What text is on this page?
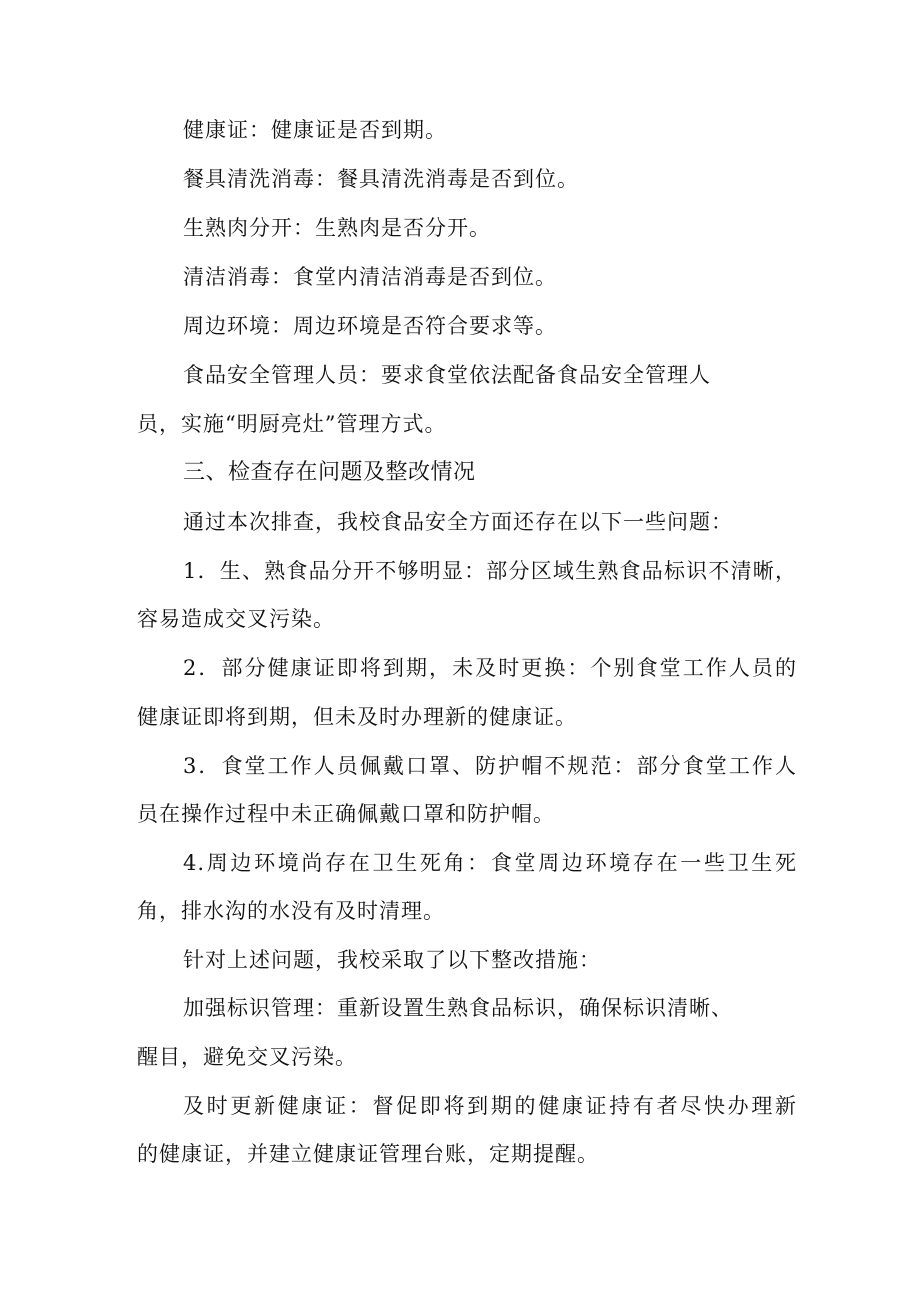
健康证：健康证是否到期。
餐具清洗消毒：餐具清洗消毒是否到位。
生熟肉分开：生熟肉是否分开。
清洁消毒：食堂内清洁消毒是否到位。
周边环境：周边环境是否符合要求等。
食品安全管理人员：要求食堂依法配备食品安全管理人
员，实施“明厨亮灶”管理方式。
三、检查存在问题及整改情况
通过本次排查，我校食品安全方面还存在以下一些问题：
1．生、熟食品分开不够明显：部分区域生熟食品标识不清晰，
容易造成交叉污染。
2．部分健康证即将到期，未及时更换：个别食堂工作人员的
健康证即将到期，但未及时办理新的健康证。
3．食堂工作人员佩戴口罩、防护帽不规范：部分食堂工作人
员在操作过程中未正确佩戴口罩和防护帽。
4.周边环境尚存在卫生死角：食堂周边环境存在一些卫生死
角，排水沟的水没有及时清理。
针对上述问题，我校采取了以下整改措施：
加强标识管理：重新设置生熟食品标识，确保标识清晰、
醒目，避免交叉污染。
及时更新健康证：督促即将到期的健康证持有者尽快办理新
的健康证，并建立健康证管理台账，定期提醒。
